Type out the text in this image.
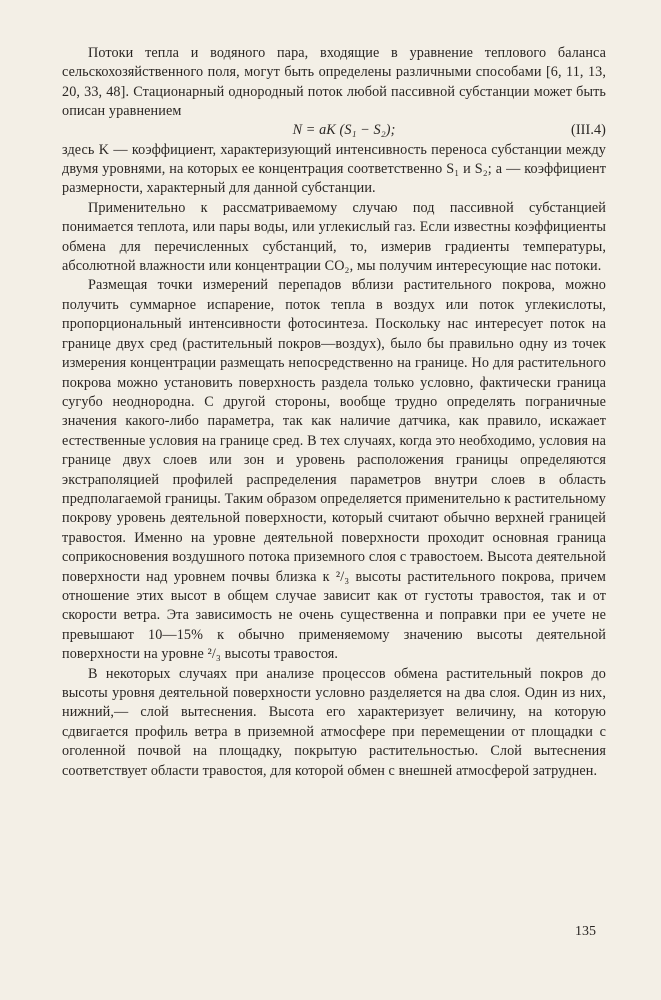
Потоки тепла и водяного пара, входящие в уравнение теплового баланса сельскохозяйственного поля, могут быть определены различными способами [6, 11, 13, 20, 33, 48]. Стационарный однородный поток любой пассивной субстанции может быть описан уравнением

N = aK (S₁ − S₂);	(III.4)

здесь K — коэффициент, характеризующий интенсивность переноса субстанции между двумя уровнями, на которых ее концентрация соответственно S₁ и S₂; a — коэффициент размерности, характерный для данной субстанции.

Применительно к рассматриваемому случаю под пассивной субстанцией понимается теплота, или пары воды, или углекислый газ. Если известны коэффициенты обмена для перечисленных субстанций, то, измерив градиенты температуры, абсолютной влажности или концентрации CO₂, мы получим интересующие нас потоки.

Размещая точки измерений перепадов вблизи растительного покрова, можно получить суммарное испарение, поток тепла в воздух или поток углекислоты, пропорциональный интенсивности фотосинтеза. Поскольку нас интересует поток на границе двух сред (растительный покров—воздух), было бы правильно одну из точек измерения концентрации размещать непосредственно на границе. Но для растительного покрова можно установить поверхность раздела только условно, фактически граница сугубо неоднородна. С другой стороны, вообще трудно определять пограничные значения какого-либо параметра, так как наличие датчика, как правило, искажает естественные условия на границе сред. В тех случаях, когда это необходимо, условия на границе двух слоев или зон и уровень расположения границы определяются экстраполяцией профилей распределения параметров внутри слоев в область предполагаемой границы. Таким образом определяется применительно к растительному покрову уровень деятельной поверхности, который считают обычно верхней границей травостоя. Именно на уровне деятельной поверхности проходит основная граница соприкосновения воздушного потока приземного слоя с травостоем. Высота деятельной поверхности над уровнем почвы близка к ²/₃ высоты растительного покрова, причем отношение этих высот в общем случае зависит как от густоты травостоя, так и от скорости ветра. Эта зависимость не очень существенна и поправки при ее учете не превышают 10—15% к обычно применяемому значению высоты деятельной поверхности на уровне ²/₃ высоты травостоя.

В некоторых случаях при анализе процессов обмена растительный покров до высоты уровня деятельной поверхности условно разделяется на два слоя. Один из них, нижний,— слой вытеснения. Высота его характеризует величину, на которую сдвигается профиль ветра в приземной атмосфере при перемещении от площадки с оголенной почвой на площадку, покрытую растительностью. Слой вытеснения соответствует области травостоя, для которой обмен с внешней атмосферой затруднен.

135
